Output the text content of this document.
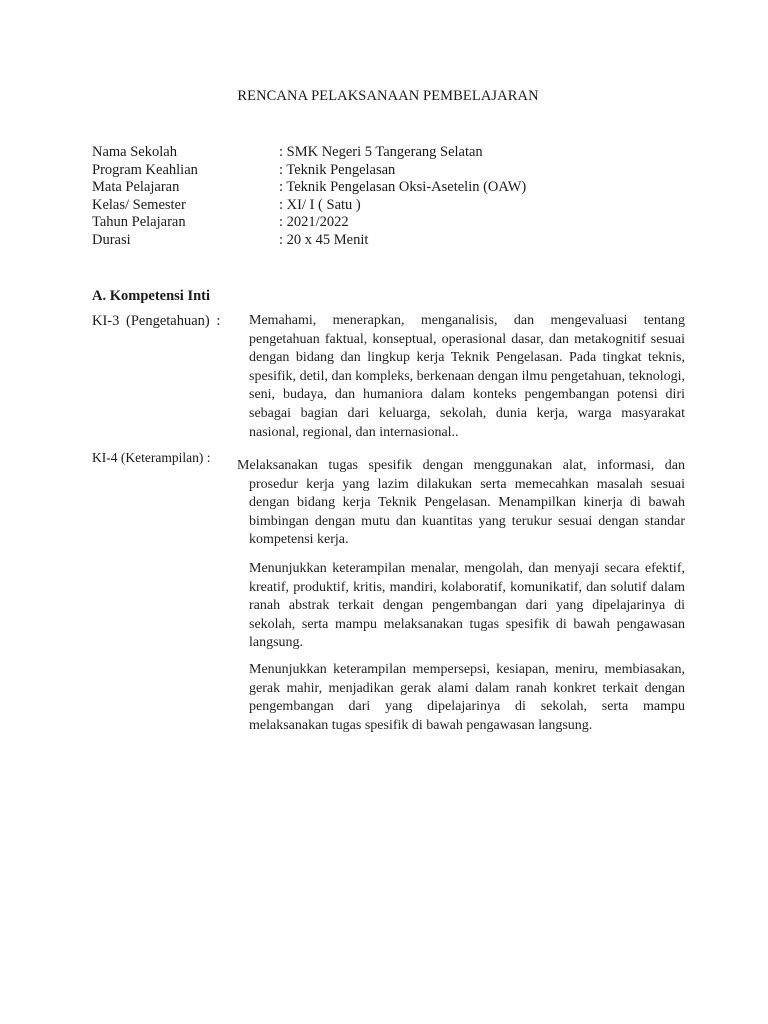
RENCANA PELAKSANAAN PEMBELAJARAN
Nama Sekolah	: SMK Negeri 5 Tangerang Selatan
Program Keahlian	: Teknik Pengelasan
Mata Pelajaran	: Teknik Pengelasan Oksi-Asetelin (OAW)
Kelas/ Semester	: XI/ I ( Satu )
Tahun Pelajaran	: 2021/2022
Durasi	: 20 x 45 Menit
A. Kompetensi Inti
KI-3 (Pengetahuan) : Memahami, menerapkan, menganalisis, dan mengevaluasi tentang pengetahuan faktual, konseptual, operasional dasar, dan metakognitif sesuai dengan bidang dan lingkup kerja Teknik Pengelasan. Pada tingkat teknis, spesifik, detil, dan kompleks, berkenaan dengan ilmu pengetahuan, teknologi, seni, budaya, dan humaniora dalam konteks pengembangan potensi diri sebagai bagian dari keluarga, sekolah, dunia kerja, warga masyarakat nasional, regional, dan internasional..
KI-4 (Keterampilan) :
Melaksanakan tugas spesifik dengan menggunakan alat, informasi, dan prosedur kerja yang lazim dilakukan serta memecahkan masalah sesuai dengan bidang kerja Teknik Pengelasan. Menampilkan kinerja di bawah bimbingan dengan mutu dan kuantitas yang terukur sesuai dengan standar kompetensi kerja.
Menunjukkan keterampilan menalar, mengolah, dan menyaji secara efektif, kreatif, produktif, kritis, mandiri, kolaboratif, komunikatif, dan solutif dalam ranah abstrak terkait dengan pengembangan dari yang dipelajarinya di sekolah, serta mampu melaksanakan tugas spesifik di bawah pengawasan langsung.
Menunjukkan keterampilan mempersepsi, kesiapan, meniru, membiasakan, gerak mahir, menjadikan gerak alami dalam ranah konkret terkait dengan pengembangan dari yang dipelajarinya di sekolah, serta mampu melaksanakan tugas spesifik di bawah pengawasan langsung.
